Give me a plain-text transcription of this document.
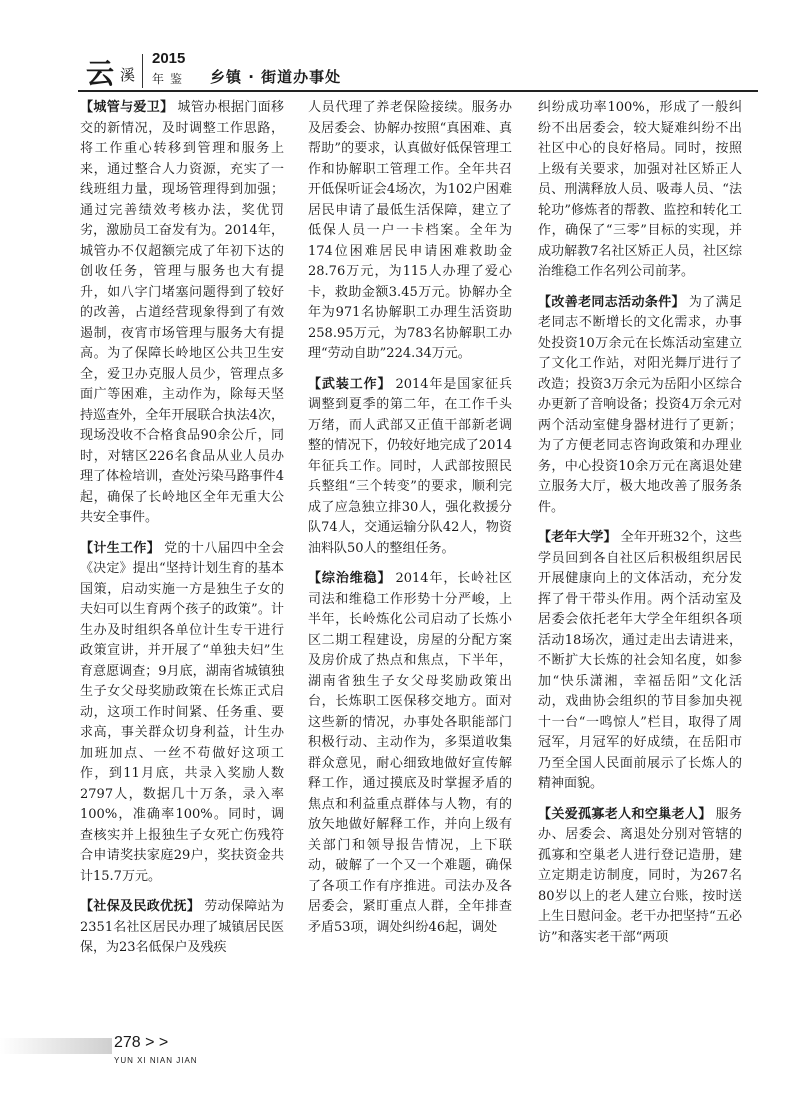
云 溪
2015
年鉴 乡镇 · 街道办事处

【城管与爱卫】 城管办根据门面移交的新情况，及时调整工作思路，将工作重心转移到管理和服务上来，通过整合人力资源，充实了一线班组力量，现场管理得到加强；通过完善绩效考核办法，奖优罚劣，激励员工奋发有为。2014年，城管办不仅超额完成了年初下达的创收任务，管理与服务也大有提升，如八字门堵塞问题得到了较好的改善，占道经营现象得到了有效遏制，夜宵市场管理与服务大有提高。为了保障长岭地区公共卫生安全，爱卫办克服人员少，管理点多面广等困难，主动作为，除每天坚持巡查外，全年开展联合执法4次，现场没收不合格食品90余公斤，同时，对辖区226名食品从业人员办理了体检培训，查处污染马路事件4起，确保了长岭地区全年无重大公共安全事件。

【计生工作】 党的十八届四中全会《决定》提出“坚持计划生育的基本国策，启动实施一方是独生子女的夫妇可以生育两个孩子的政策”。计生办及时组织各单位计生专干进行政策宣讲，并开展了“单独夫妇”生育意愿调查；9月底，湖南省城镇独生子女父母奖励政策在长炼正式启动，这项工作时间紧、任务重、要求高，事关群众切身利益，计生办加班加点、一丝不苟做好这项工作，到11月底，共录入奖励人数2797人，数据几十万条，录入率100%，准确率100%。同时，调查核实并上报独生子女死亡伤残符合申请奖扶家庭29户，奖扶资金共计15.7万元。

【社保及民政优抚】 劳动保障站为2351名社区居民办理了城镇居民医保，为23名低保户及残疾

人员代理了养老保险接续。服务办及居委会、协解办按照“真困难、真帮助”的要求，认真做好低保管理工作和协解职工管理工作。全年共召开低保听证会4场次，为102户困难居民申请了最低生活保障，建立了低保人员一户一卡档案。全年为174位困难居民申请困难救助金28.76万元，为115人办理了爱心卡，救助金额3.45万元。协解办全年为971名协解职工办理生活资助258.95万元，为783名协解职工办理“劳动自助”224.34万元。

【武装工作】 2014年是国家征兵调整到夏季的第二年，在工作千头万绪，而人武部又正值干部新老调整的情况下，仍较好地完成了2014年征兵工作。同时，人武部按照民兵整组“三个转变”的要求，顺利完成了应急独立排30人，强化救援分队74人，交通运输分队42人，物资油料队50人的整组任务。

【综治维稳】 2014年，长岭社区司法和维稳工作形势十分严峻，上半年，长岭炼化公司启动了长炼小区二期工程建设，房屋的分配方案及房价成了热点和焦点，下半年，湖南省独生子女父母奖励政策出台，长炼职工医保移交地方。面对这些新的情况，办事处各职能部门积极行动、主动作为，多渠道收集群众意见，耐心细致地做好宣传解释工作，通过摸底及时掌握矛盾的焦点和利益重点群体与人物，有的放矢地做好解释工作，并向上级有关部门和领导报告情况，上下联动，破解了一个又一个难题，确保了各项工作有序推进。司法办及各居委会，紧盯重点人群，全年排查矛盾53项，调处纠纷46起，调处

纠纷成功率100%，形成了一般纠纷不出居委会，较大疑难纠纷不出社区中心的良好格局。同时，按照上级有关要求，加强对社区矫正人员、刑满释放人员、吸毒人员、“法轮功”修炼者的帮教、监控和转化工作，确保了“三零”目标的实现，并成功解教7名社区矫正人员，社区综治维稳工作名列公司前茅。

【改善老同志活动条件】 为了满足老同志不断增长的文化需求，办事处投资10万余元在长炼活动室建立了文化工作站，对阳光舞厅进行了改造；投资3万余元为岳阳小区综合办更新了音响设备；投资4万余元对两个活动室健身器材进行了更新；为了方便老同志咨询政策和办理业务，中心投资10余万元在离退处建立服务大厅，极大地改善了服务条件。

【老年大学】 全年开班32个，这些学员回到各自社区后积极组织居民开展健康向上的文体活动，充分发挥了骨干带头作用。两个活动室及居委会依托老年大学全年组织各项活动18场次，通过走出去请进来，不断扩大长炼的社会知名度，如参加“快乐潇湘，幸福岳阳”文化活动，戏曲协会组织的节目参加央视十一台“一鸣惊人”栏目，取得了周冠军，月冠军的好成绩，在岳阳市乃至全国人民面前展示了长炼人的精神面貌。

【关爱孤寡老人和空巢老人】 服务办、居委会、离退处分别对管辖的孤寡和空巢老人进行登记造册，建立定期走访制度，同时，为267名80岁以上的老人建立台账，按时送上生日慰问金。老干办把坚持“五必访”和落实老干部“两项

278 > >
YUN XI NIAN JIAN
